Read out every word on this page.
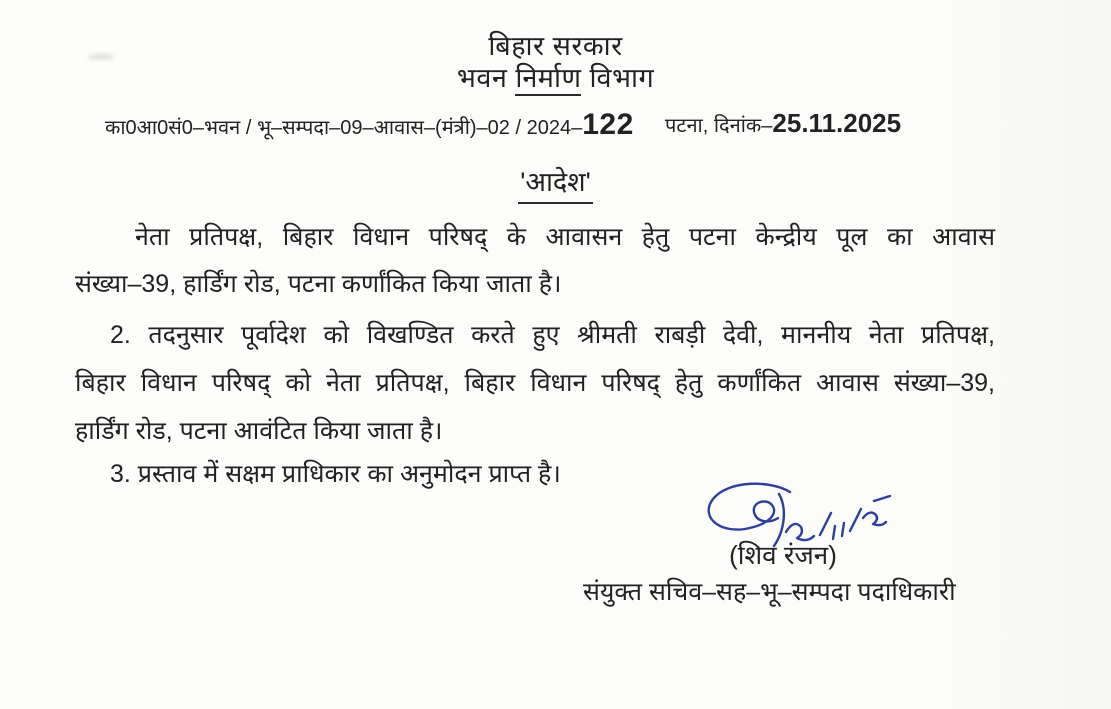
बिहार सरकार
भवन निर्माण विभाग
का0आ0सं0–भवन / भू–सम्पदा–09–आवास–(मंत्री)–02 / 2024–122 पटना, दिनांक–25.11.2025
'आदेश'
नेता प्रतिपक्ष, बिहार विधान परिषद् के आवासन हेतु पटना केन्द्रीय पूल का आवास
संख्या–39, हार्डिंग रोड, पटना कर्णांकित किया जाता है।
2. तदनुसार पूर्वादेश को विखण्डित करते हुए श्रीमती राबड़ी देवी, माननीय नेता प्रतिपक्ष,
बिहार विधान परिषद् को नेता प्रतिपक्ष, बिहार विधान परिषद् हेतु कर्णांकित आवास संख्या–39,
हार्डिंग रोड, पटना आवंटित किया जाता है।
3. प्रस्ताव में सक्षम प्राधिकार का अनुमोदन प्राप्त है।
(शिव रंजन)
संयुक्त सचिव–सह–भू–सम्पदा पदाधिकारी
